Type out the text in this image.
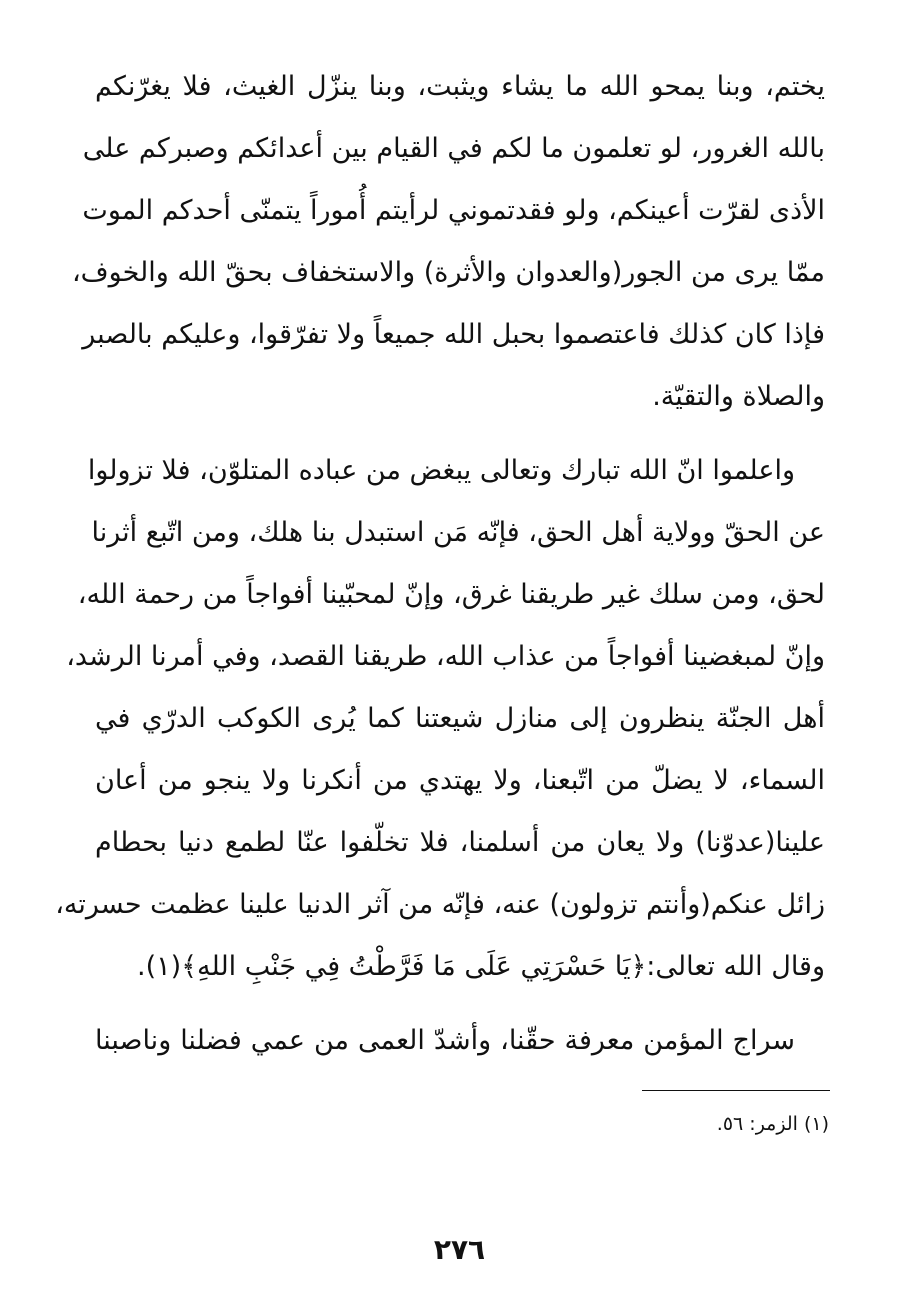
يختم، وبنا يمحو الله ما يشاء ويثبت، وبنا ينزّل الغيث، فلا يغرّنكم
بالله الغرور، لو تعلمون ما لكم في القيام بين أعدائكم وصبركم على
الأذى لقرّت أعينكم، ولو فقدتموني لرأيتم أُموراً يتمنّى أحدكم الموت
ممّا يرى من الجور(والعدوان والأثرة) والاستخفاف بحقّ الله والخوف،
فإذا كان كذلك فاعتصموا بحبل الله جميعاً ولا تفرّقوا، وعليكم بالصبر
والصلاة والتقيّة.
واعلموا انّ الله تبارك وتعالى يبغض من عباده المتلوّن، فلا تزولوا
عن الحقّ وولاية أهل الحق، فإنّه مَن استبدل بنا هلك، ومن اتّبع أثرنا
لحق، ومن سلك غير طريقنا غرق، وإنّ لمحبّينا أفواجاً من رحمة الله،
وإنّ لمبغضينا أفواجاً من عذاب الله، طريقنا القصد، وفي أمرنا الرشد،
أهل الجنّة ينظرون إلى منازل شيعتنا كما يُرى الكوكب الدرّي في
السماء، لا يضلّ من اتّبعنا، ولا يهتدي من أنكرنا ولا ينجو من أعان
علينا(عدوّنا) ولا يعان من أسلمنا، فلا تخلّفوا عنّا لطمع دنيا بحطام
زائل عنكم(وأنتم تزولون) عنه، فإنّه من آثر الدنيا علينا عظمت حسرته،
وقال الله تعالى:﴿يَا حَسْرَتِي عَلَى مَا فَرَّطْتُ فِي جَنْبِ اللهِ﴾(١).
سراج المؤمن معرفة حقّنا، وأشدّ العمى من عمي فضلنا وناصبنا
(١) الزمر: ٥٦.
٢٧٦
